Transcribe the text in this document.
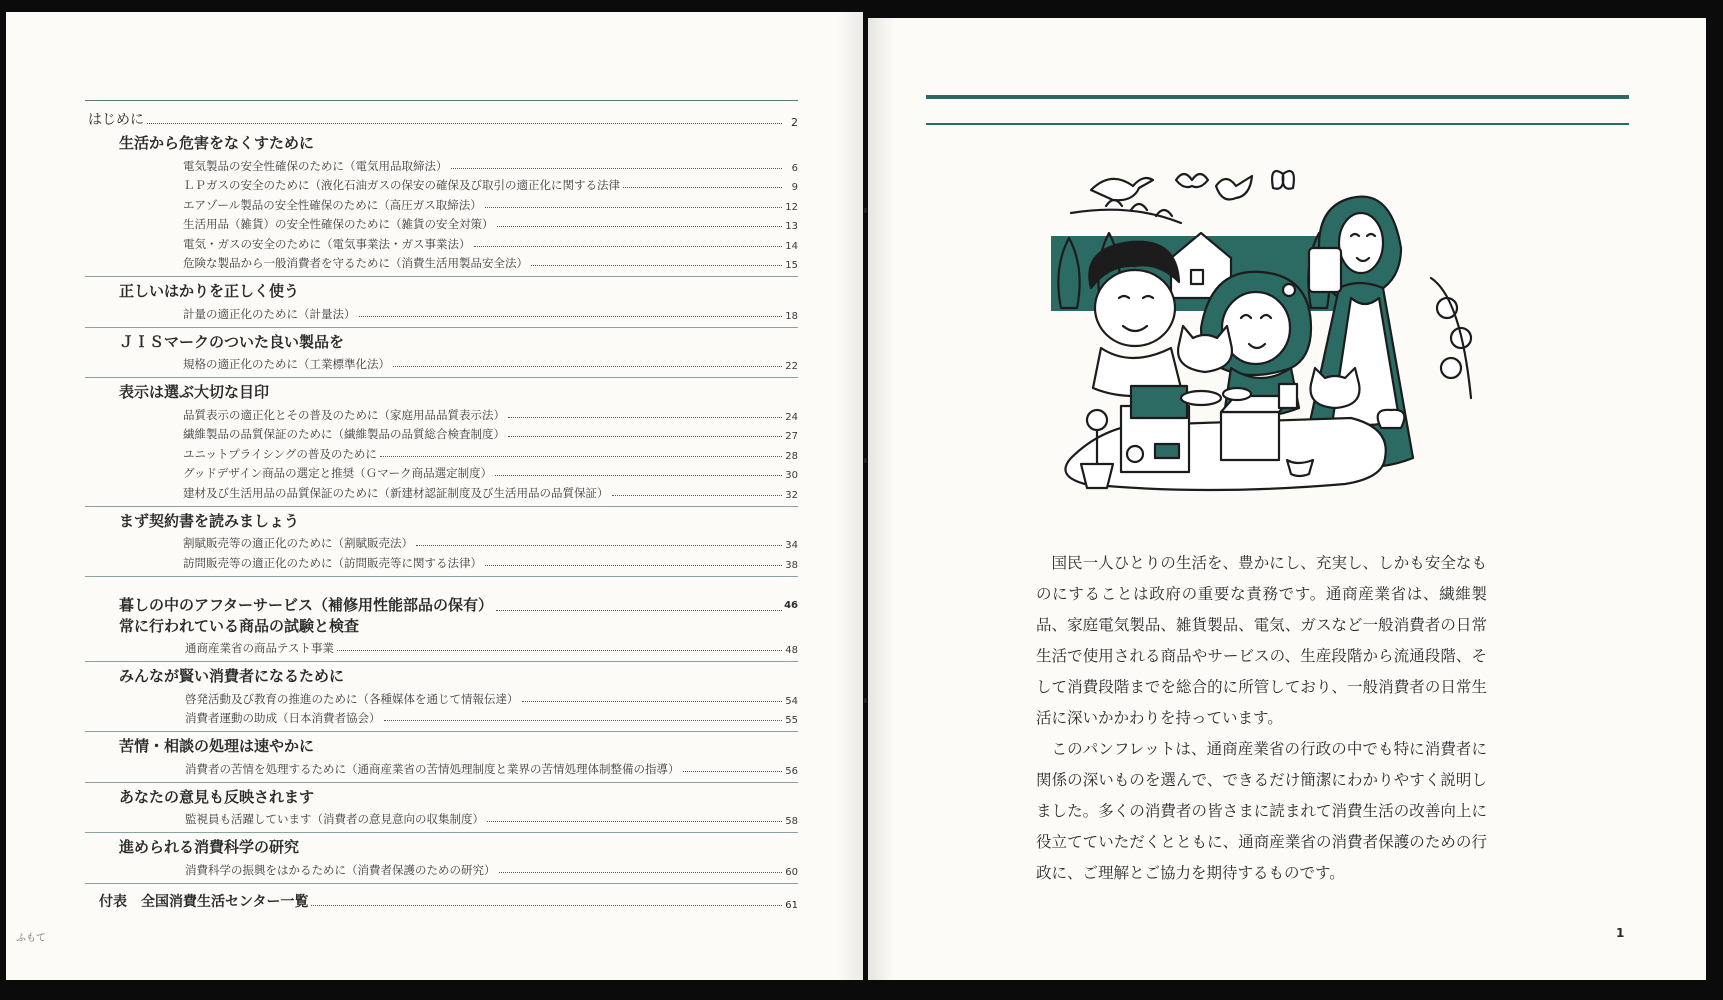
はじめに	2
生活から危害をなくすために
電気製品の安全性確保のために（電気用品取締法）	6
ＬＰガスの安全のために（液化石油ガスの保安の確保及び取引の適正化に関する法律	9
エアゾール製品の安全性確保のために（高圧ガス取締法）	12
生活用品（雑貨）の安全性確保のために（雑貨の安全対策）	13
電気・ガスの安全のために（電気事業法・ガス事業法）	14
危険な製品から一般消費者を守るために（消費生活用製品安全法）	15
正しいはかりを正しく使う
計量の適正化のために（計量法）	18
ＪＩＳマークのついた良い製品を
規格の適正化のために（工業標準化法）	22
表示は選ぶ大切な目印
品質表示の適正化とその普及のために（家庭用品品質表示法）	24
繊維製品の品質保証のために（繊維製品の品質総合検査制度）	27
ユニットプライシングの普及のために	28
グッドデザイン商品の選定と推奨（Ｇマーク商品選定制度）	30
建材及び生活用品の品質保証のために（新建材認証制度及び生活用品の品質保証）	32
まず契約書を読みましょう
割賦販売等の適正化のために（割賦販売法）	34
訪問販売等の適正化のために（訪問販売等に関する法律）	38
暮しの中のアフターサービス（補修用性能部品の保有）	46
常に行われている商品の試験と検査
通商産業省の商品テスト事業	48
みんなが賢い消費者になるために
啓発活動及び教育の推進のために（各種媒体を通じて情報伝達）	54
消費者運動の助成（日本消費者協会）	55
苦情・相談の処理は速やかに
消費者の苦情を処理するために（通商産業省の苦情処理制度と業界の苦情処理体制整備の指導）	56
あなたの意見も反映されます
監視員も活躍しています（消費者の意見意向の収集制度）	58
進められる消費科学の研究
消費科学の振興をはかるために（消費者保護のための研究）	60
付表　全国消費生活センター一覧	61
ふもて

国民一人ひとりの生活を、豊かにし、充実し、しかも安全なものにすることは政府の重要な責務です。通商産業省は、繊維製品、家庭電気製品、雑貨製品、電気、ガスなど一般消費者の日常生活で使用される商品やサービスの、生産段階から流通段階、そして消費段階までを総合的に所管しており、一般消費者の日常生活に深いかかわりを持っています。

このパンフレットは、通商産業省の行政の中でも特に消費者に関係の深いものを選んで、できるだけ簡潔にわかりやすく説明しました。多くの消費者の皆さまに読まれて消費生活の改善向上に役立てていただくとともに、通商産業省の消費者保護のための行政に、ご理解とご協力を期待するものです。

1
